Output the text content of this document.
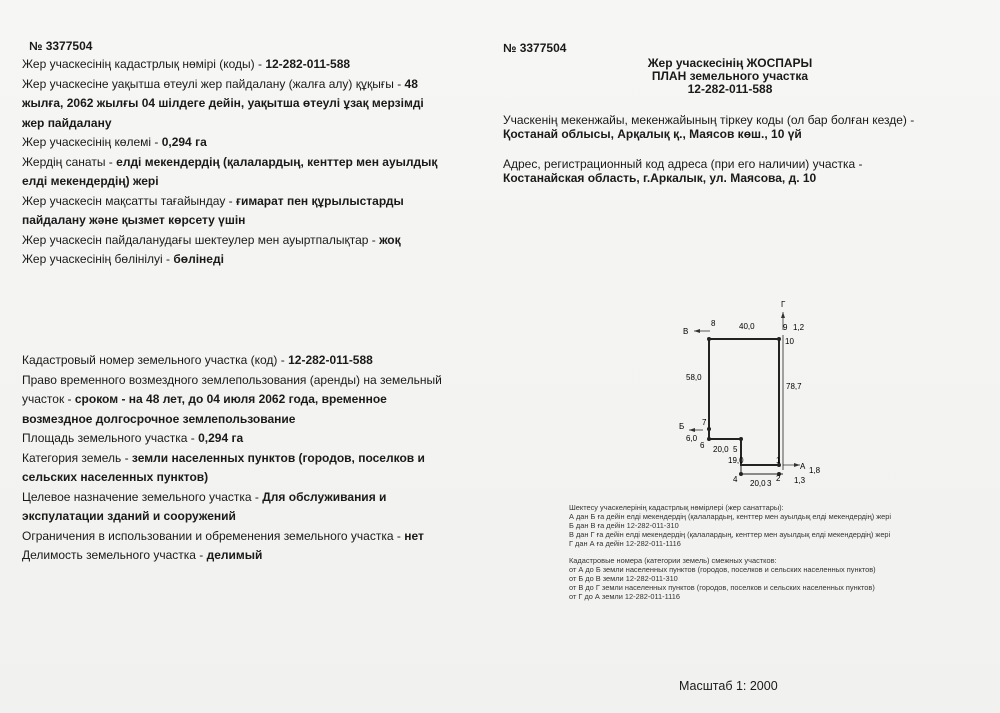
№ 3377504
Жер учаскесінің кадастрлық нөмірі (коды) - 12-282-011-588
Жер учаскесіне уақытша өтеулі жер пайдалану (жалға алу) құқығы - 48
жылға, 2062 жылғы 04 шілдеге дейін, уақытша өтеулі ұзақ мерзімді
жер пайдалану
Жер учаскесінің көлемі - 0,294 га
Жердің санаты - елді мекендердің (қалалардың, кенттер мен ауылдық
елді мекендердің) жері
Жер учаскесін мақсатты тағайындау - ғимарат пен құрылыстарды
пайдалану және қызмет көрсету үшін
Жер учаскесін пайдаланудағы шектеулер мен ауыртпалықтар - жоқ
Жер учаскесінің бөлінілуі - бөлінеді
Кадастровый номер земельного участка (код) - 12-282-011-588
Право временного возмездного землепользования (аренды) на земельный
участок - сроком - на 48 лет, до 04 июля 2062 года, временное
возмездное долгосрочное землепользование
Площадь земельного участка - 0,294 га
Категория земель - земли населенных пунктов (городов, поселков и
сельских населенных пунктов)
Целевое назначение земельного участка - Для обслуживания и
экспулатации зданий и сооружений
Ограничения в использовании и обременения земельного участка - нет
Делимость земельного участка - делимый
№ 3377504
Жер учаскесінің ЖОСПАРЫ
ПЛАН земельного участка
12-282-011-588
Учаскенің мекенжайы, мекенжайының тіркеу коды (ол бар болған кезде) -
Қостанай облысы, Арқалық қ., Маясов көш., 10 үй
Адрес, регистрационный код адреса (при его наличии) участка -
Костанайская область, г.Аркалык, ул. Маясова, д. 10
Г
В
А
Б
9
10
8
7
6	5
4
1
2
3
40,0	1,2
58,0
78,7
6,0
20,0
19,0
20,0	1,3
1,8
Шектесу учаскелерінің кадастрлық нөмірлері (жер санаттары):
А дан Б ға дейін елді мекендердің (қалалардың, кенттер мен ауылдық елді мекендердің) жері
Б дан В ға дейін 12-282-011-310
В дан Г ға дейін елді мекендердің (қалалардың, кенттер мен ауылдық елді мекендердің) жері
Г дан А ға дейін 12-282-011-1116
Кадастровые номера (категории земель) смежных участков:
от А до Б земли населенных пунктов (городов, поселков и сельских населенных пунктов)
от Б до В земли 12-282-011-310
от В до Г земли населенных пунктов (городов, поселков и сельских населенных пунктов)
от Г до А земли 12-282-011-1116
Масштаб 1: 2000
